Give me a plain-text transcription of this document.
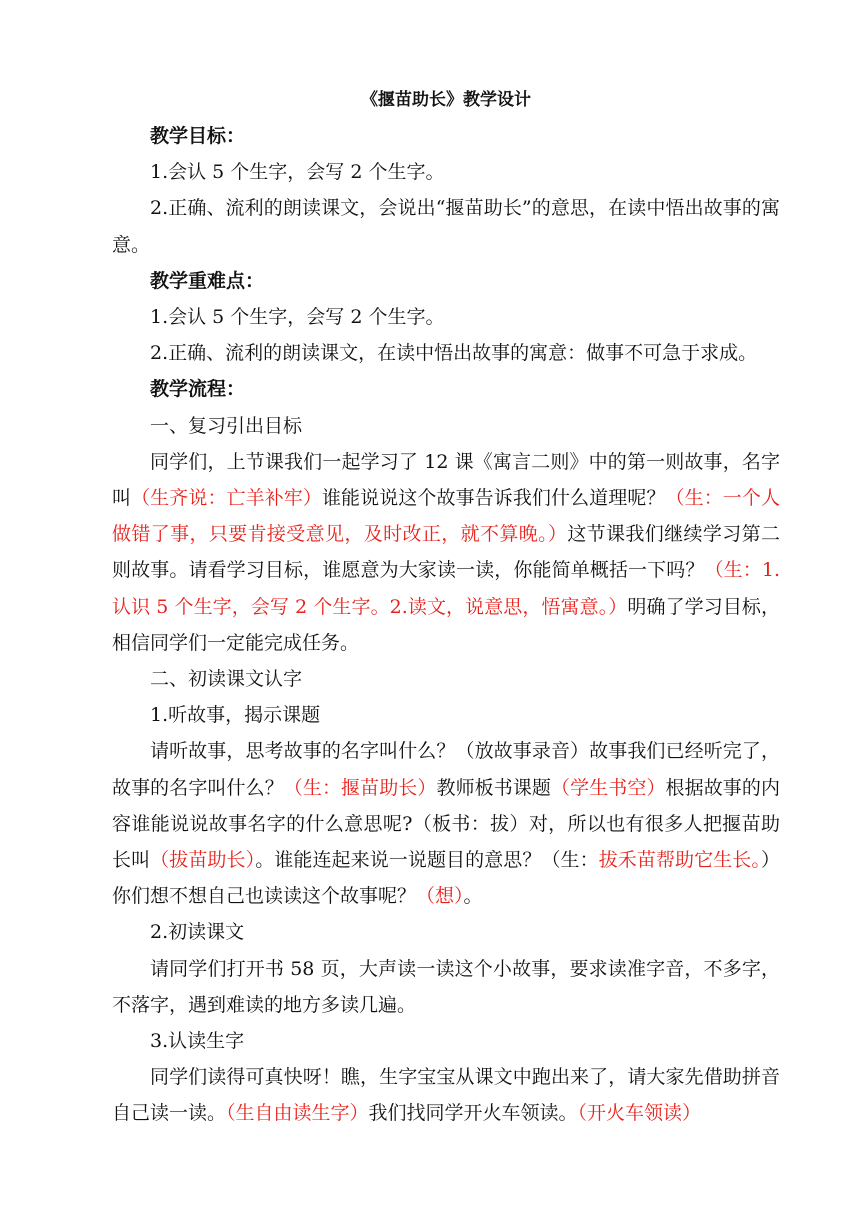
《揠苗助长》教学设计

教学目标：

1.会认 5 个生字，会写 2 个生字。

2.正确、流利的朗读课文，会说出“揠苗助长”的意思，在读中悟出故事的寓意。

教学重难点：

1.会认 5 个生字，会写 2 个生字。

2.正确、流利的朗读课文，在读中悟出故事的寓意：做事不可急于求成。

教学流程：

一、复习引出目标

同学们，上节课我们一起学习了 12 课《寓言二则》中的第一则故事，名字叫（生齐说：亡羊补牢）谁能说说这个故事告诉我们什么道理呢？（生：一个人做错了事，只要肯接受意见，及时改正，就不算晚。）这节课我们继续学习第二则故事。请看学习目标，谁愿意为大家读一读，你能简单概括一下吗？（生：1.认识 5 个生字，会写 2 个生字。2.读文，说意思，悟寓意。）明确了学习目标，相信同学们一定能完成任务。

二、初读课文认字

1.听故事，揭示课题

请听故事，思考故事的名字叫什么？（放故事录音）故事我们已经听完了，故事的名字叫什么？（生：揠苗助长）教师板书课题（学生书空）根据故事的内容谁能说说故事名字的什么意思呢?（板书：拔）对，所以也有很多人把揠苗助长叫（拔苗助长）。谁能连起来说一说题目的意思？（生：拔禾苗帮助它生长。）你们想不想自己也读读这个故事呢？（想）。

2.初读课文

请同学们打开书 58 页，大声读一读这个小故事，要求读准字音，不多字，不落字，遇到难读的地方多读几遍。

3.认读生字

同学们读得可真快呀！瞧，生字宝宝从课文中跑出来了，请大家先借助拼音自己读一读。（生自由读生字）我们找同学开火车领读。（开火车领读）
